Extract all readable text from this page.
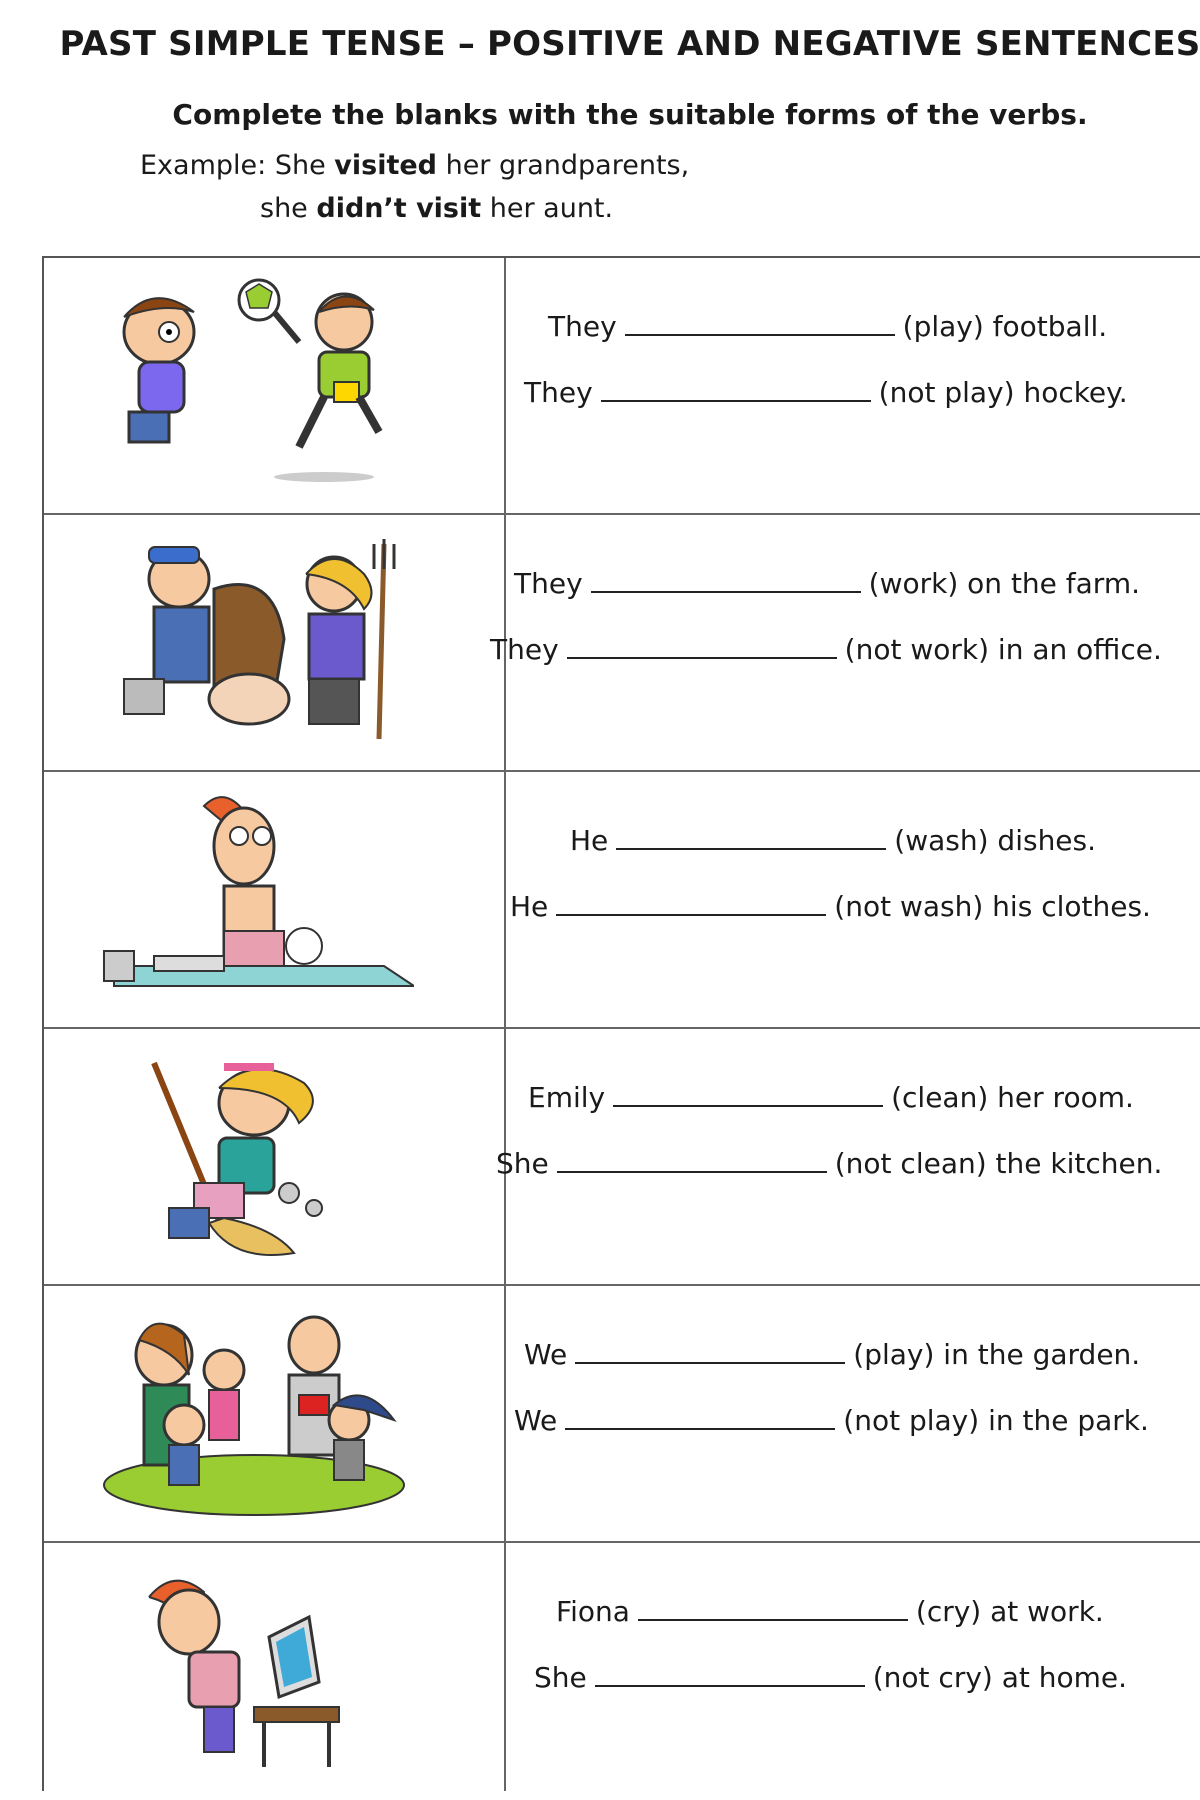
PAST SIMPLE TENSE – POSITIVE AND NEGATIVE SENTENCES
Complete the blanks with the suitable forms of the verbs.
Example: She visited her grandparents,
she didn’t visit her aunt.
They	(play) football.
They	(not play) hockey.
They	(work) on the farm.
They	(not work) in an office.
He	(wash) dishes.
He	(not wash) his clothes.
Emily	(clean) her room.
She	(not clean) the kitchen.
We	(play) in the garden.
We	(not play) in the park.
Fiona	(cry) at work.
She	(not cry) at home.
